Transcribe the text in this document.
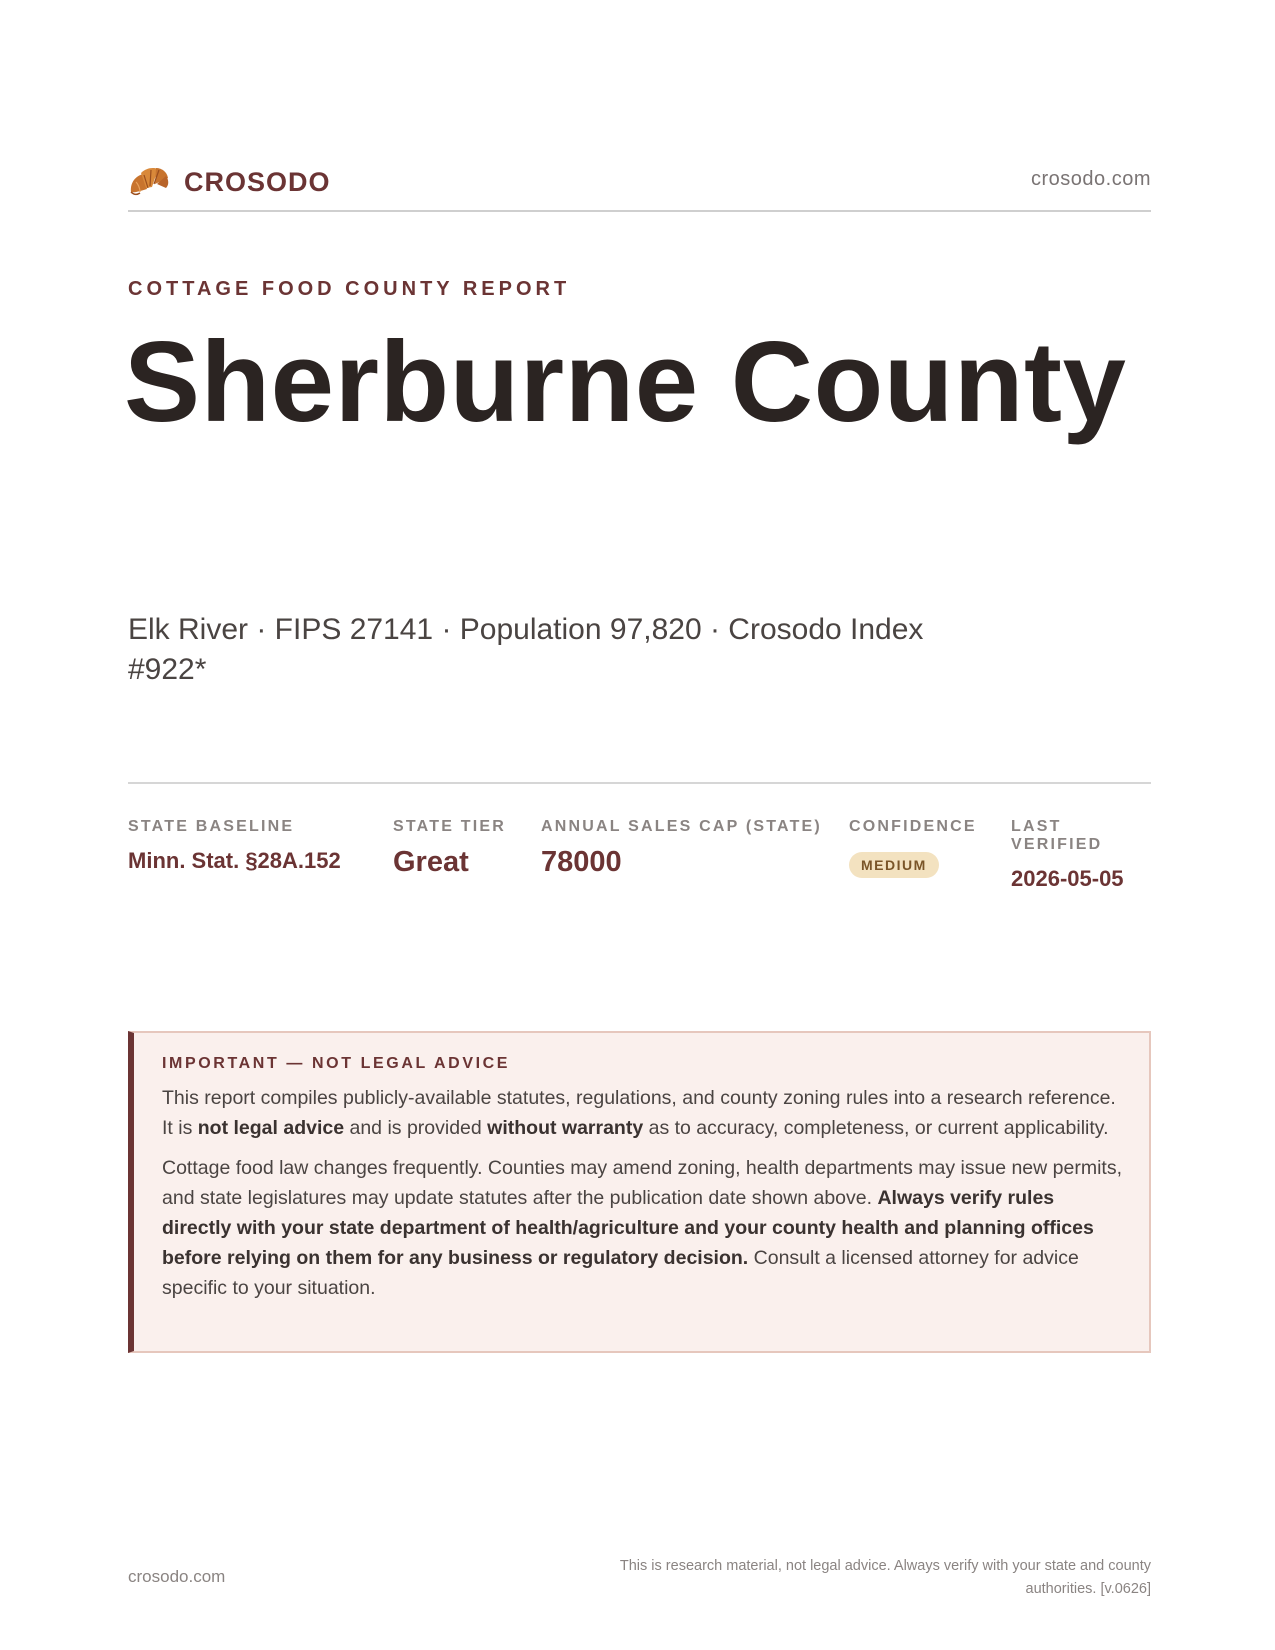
CROSODO	crosodo.com
COTTAGE FOOD COUNTY REPORT
Sherburne County
Elk River · FIPS 27141 · Population 97,820 · Crosodo Index #922*
STATE BASELINE
Minn. Stat. §28A.152
STATE TIER
Great
ANNUAL SALES CAP (STATE)
78000
CONFIDENCE
MEDIUM
LAST VERIFIED
2026-05-05
IMPORTANT — NOT LEGAL ADVICE

This report compiles publicly-available statutes, regulations, and county zoning rules into a research reference. It is not legal advice and is provided without warranty as to accuracy, completeness, or current applicability.

Cottage food law changes frequently. Counties may amend zoning, health departments may issue new permits, and state legislatures may update statutes after the publication date shown above. Always verify rules directly with your state department of health/agriculture and your county health and planning offices before relying on them for any business or regulatory decision. Consult a licensed attorney for advice specific to your situation.

crosodo.com
This is research material, not legal advice. Always verify with your state and county authorities. [v.0626]
